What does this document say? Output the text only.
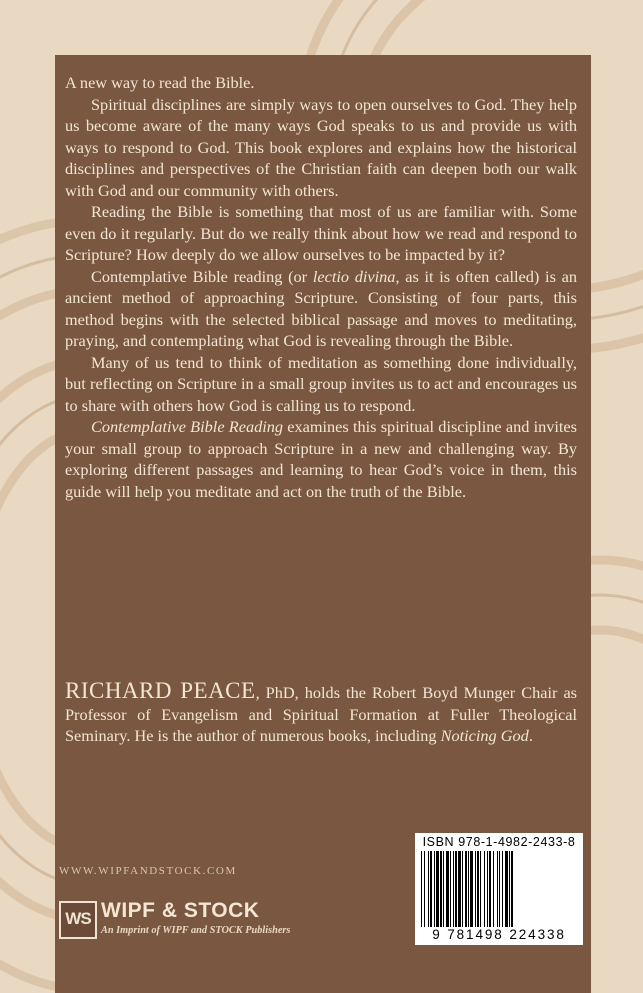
A new way to read the Bible.

Spiritual disciplines are simply ways to open ourselves to God. They help us become aware of the many ways God speaks to us and provide us with ways to respond to God. This book explores and explains how the historical disciplines and perspectives of the Christian faith can deepen both our walk with God and our community with others.

Reading the Bible is something that most of us are familiar with. Some even do it regularly. But do we really think about how we read and respond to Scripture? How deeply do we allow ourselves to be impacted by it?

Contemplative Bible reading (or lectio divina, as it is often called) is an ancient method of approaching Scripture. Consisting of four parts, this method begins with the selected biblical passage and moves to meditating, praying, and contemplating what God is revealing through the Bible.

Many of us tend to think of meditation as something done individually, but reflecting on Scripture in a small group invites us to act and encourages us to share with others how God is calling us to respond.

Contemplative Bible Reading examines this spiritual discipline and invites your small group to approach Scripture in a new and challenging way. By exploring different passages and learning to hear God’s voice in them, this guide will help you meditate and act on the truth of the Bible.

RICHARD PEACE, PhD, holds the Robert Boyd Munger Chair as Professor of Evangelism and Spiritual Formation at Fuller Theological Seminary. He is the author of numerous books, including Noticing God.
WWW.WIPFANDSTOCK.COM
WS WIPF & STOCK
An Imprint of WIPF and STOCK Publishers
ISBN 978-1-4982-2433-8
9 781498 224338
